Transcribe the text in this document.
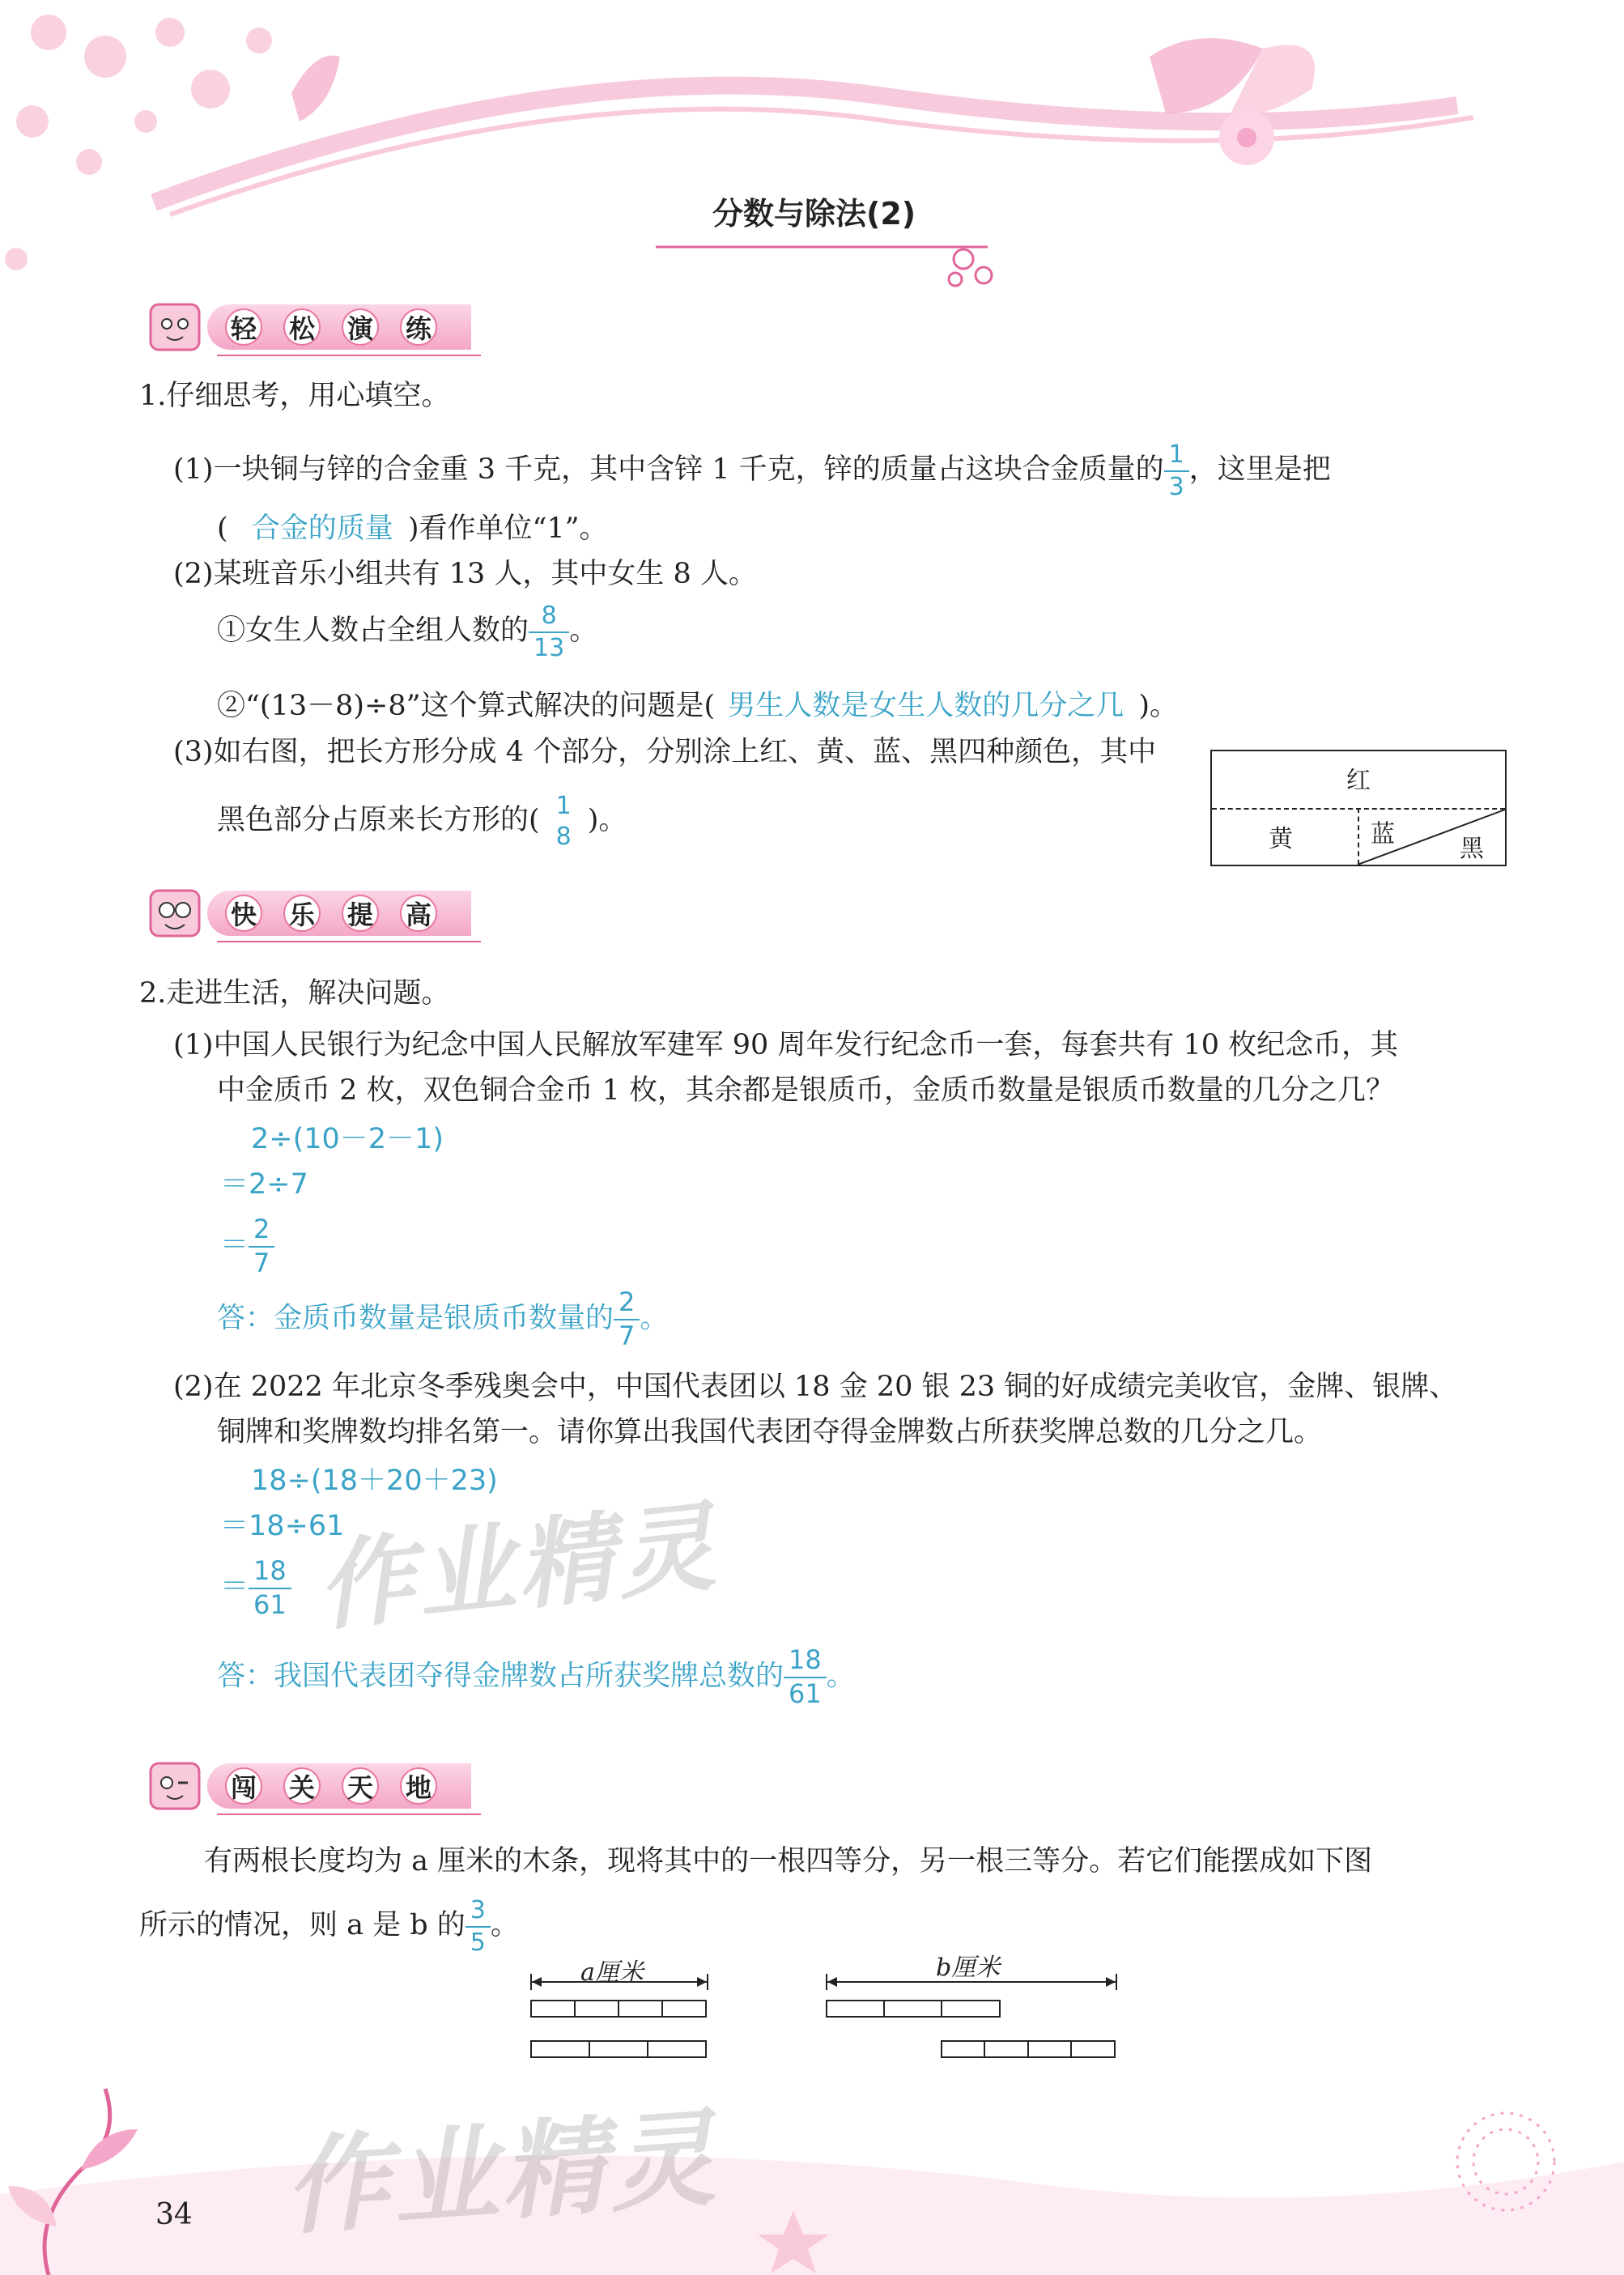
分数与除法(2)
轻 松 演 练
1.仔细思考，用心填空。
(1)一块铜与锌的合金重 3 千克，其中含锌 1 千克，锌的质量占这块合金质量的 $\frac{1}{3}$ ，这里是把
( 合金的质量 )看作单位“1”。
(2)某班音乐小组共有 13 人，其中女生 8 人。
①女生人数占全组人数的 $\frac{8}{13}$ 。
②“(13－8)÷8”这个算式解决的问题是( 男生人数是女生人数的几分之几 )。
(3)如右图，把长方形分成 4 个部分，分别涂上红、黄、蓝、黑四种颜色，其中
黑色部分占原来长方形的( 1
8 )。
红
黄	蓝
黑
快 乐 提 高
2.走进生活，解决问题。
(1)中国人民银行为纪念中国人民解放军建军 90 周年发行纪念币一套，每套共有 10 枚纪念币，其
中金质币 2 枚，双色铜合金币 1 枚，其余都是银质币，金质币数量是银质币数量的几分之几？
2÷(10－2－1)
＝2÷7
＝ $\frac{2}{7}$
答：金质币数量是银质币数量的 $\frac{2}{7}$ 。
(2)在 2022 年北京冬季残奥会中，中国代表团以 18 金 20 银 23 铜的好成绩完美收官，金牌、银牌、
铜牌和奖牌数均排名第一。请你算出我国代表团夺得金牌数占所获奖牌总数的几分之几。
18÷(18＋20＋23)
＝18÷61
＝ $\frac{18}{61}$
答：我国代表团夺得金牌数占所获奖牌总数的 $\frac{18}{61}$ 。
作业精灵
闯 关 天 地
有两根长度均为 a 厘米的木条，现将其中的一根四等分，另一根三等分。若它们能摆成如下图
所示的情况，则 a 是 b 的 $\frac{3}{5}$ 。
a厘米	b厘米
作业精灵
34
